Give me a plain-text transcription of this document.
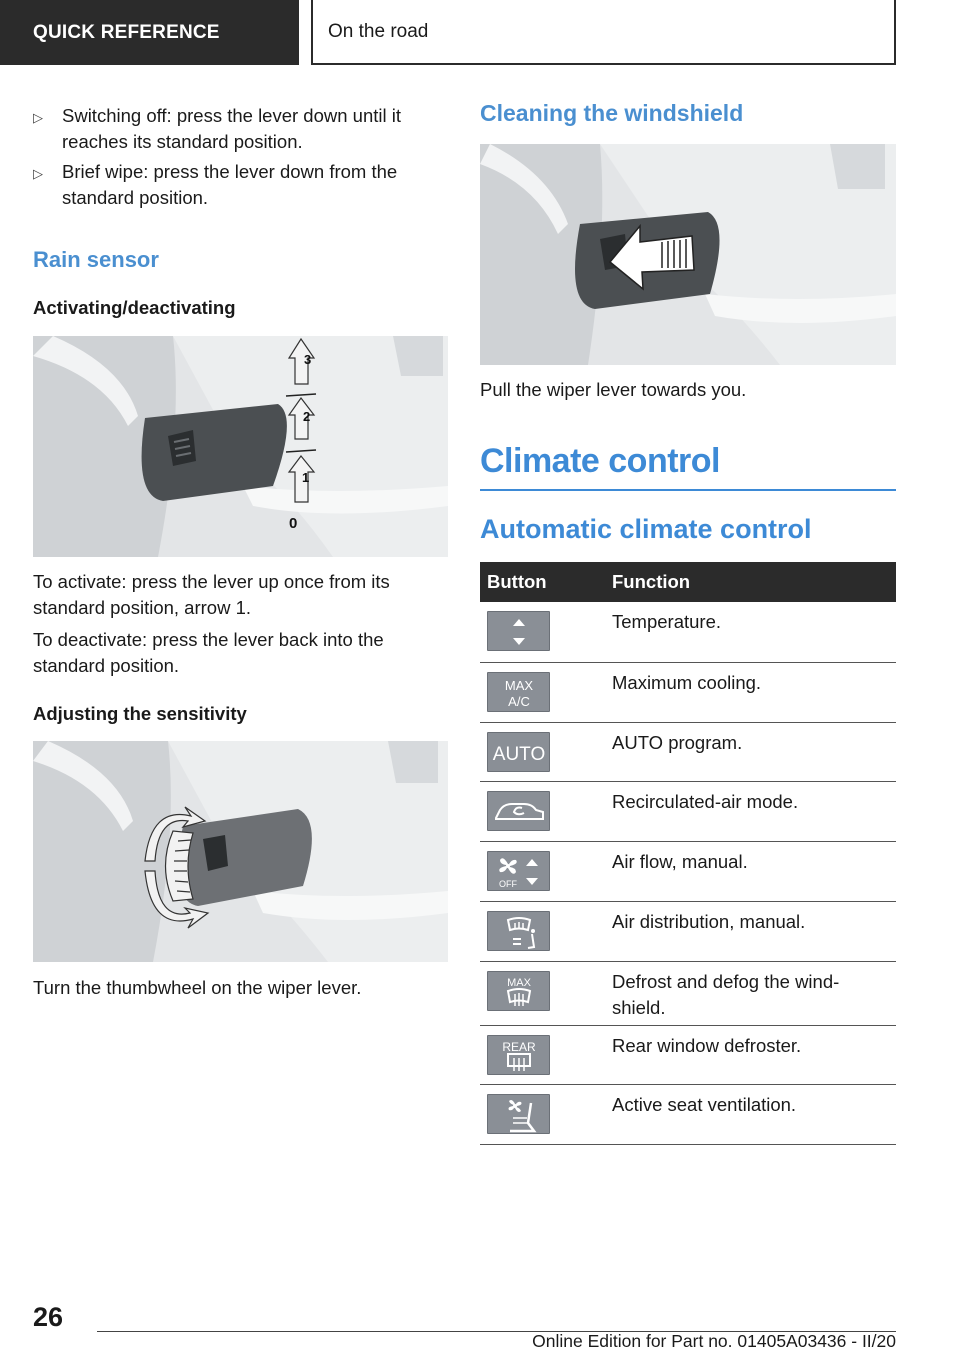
QUICK REFERENCE	On the road
▷ Switching off: press the lever down until it reaches its standard position.
▷ Brief wipe: press the lever down from the standard position.
Rain sensor
Activating/deactivating
3
2
1
0
To activate: press the lever up once from its standard position, arrow 1.
To deactivate: press the lever back into the standard position.
Adjusting the sensitivity
Turn the thumbwheel on the wiper lever.
Cleaning the windshield
Pull the wiper lever towards you.
Climate control
Automatic climate control
Button	Function

	Temperature.

MAX
A/C	Maximum cooling.

AUTO	AUTO program.

	Recirculated-air mode.

OFF	Air flow, manual.

	Air distribution, manual.

MAX	Defrost and defog the wind- shield.

REAR	Rear window defroster.

	Active seat ventilation.
26
Online Edition for Part no. 01405A03436 - II/20
